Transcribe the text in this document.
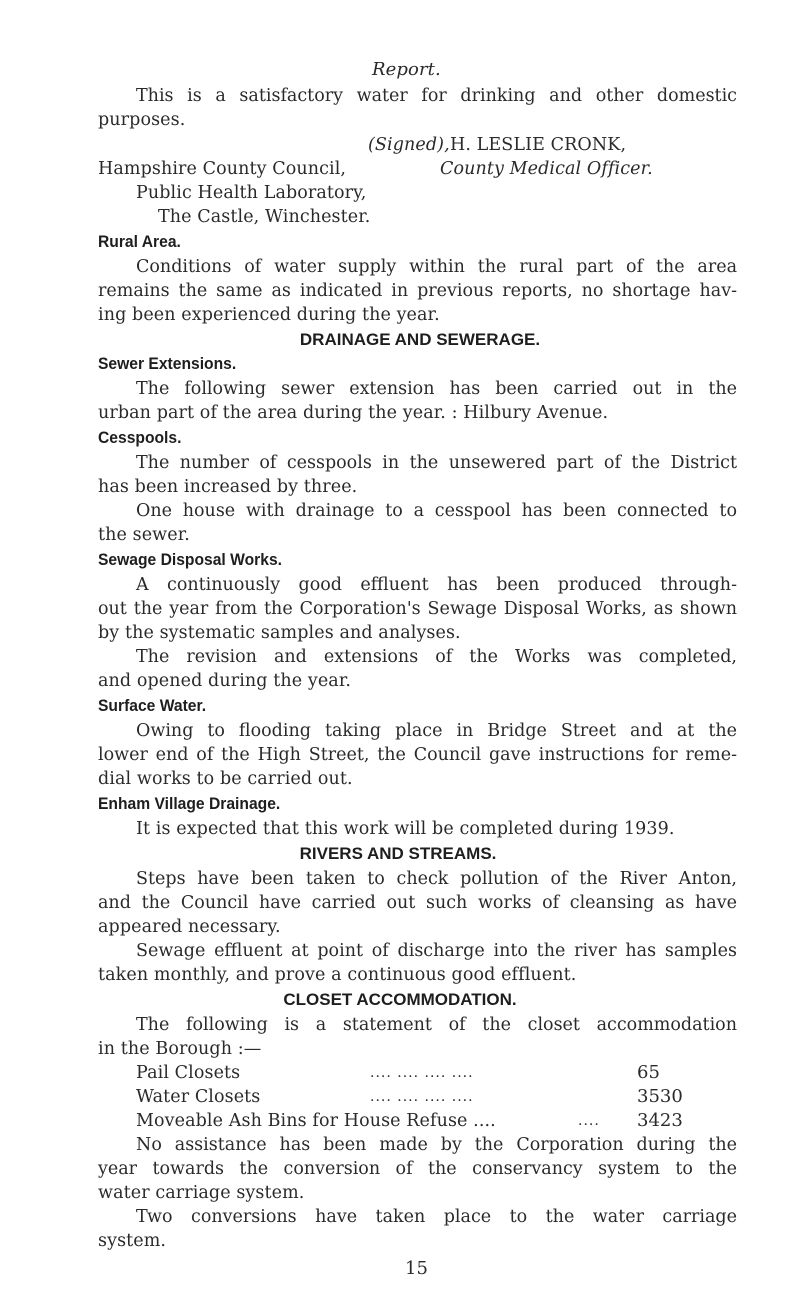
Report.
This is a satisfactory water for drinking and other domestic
purposes.
(Signed), H. LESLIE CRONK,
Hampshire County Council,	County Medical Officer.
Public Health Laboratory,
The Castle, Winchester.
Rural Area.
Conditions of water supply within the rural part of the area
remains the same as indicated in previous reports, no shortage hav-
ing been experienced during the year.
DRAINAGE AND SEWERAGE.
Sewer Extensions.
The following sewer extension has been carried out in the
urban part of the area during the year. : Hilbury Avenue.
Cesspools.
The number of cesspools in the unsewered part of the District
has been increased by three.
One house with drainage to a cesspool has been connected to
the sewer.
Sewage Disposal Works.
A continuously good effluent has been produced through-
out the year from the Corporation's Sewage Disposal Works, as shown
by the systematic samples and analyses.
The revision and extensions of the Works was completed,
and opened during the year.
Surface Water.
Owing to flooding taking place in Bridge Street and at the
lower end of the High Street, the Council gave instructions for reme-
dial works to be carried out.
Enham Village Drainage.
It is expected that this work will be completed during 1939.
RIVERS AND STREAMS.
Steps have been taken to check pollution of the River Anton,
and the Council have carried out such works of cleansing as have
appeared necessary.
Sewage effluent at point of discharge into the river has samples
taken monthly, and prove a continuous good effluent.
CLOSET ACCOMMODATION.
The following is a statement of the closet accommodation
in the Borough :—
Pail Closets	.... .... .... ....	65
Water Closets	.... .... .... ....	3530
Moveable Ash Bins for House Refuse ....	.... 3423
No assistance has been made by the Corporation during the
year towards the conversion of the conservancy system to the
water carriage system.
Two conversions have taken place to the water carriage
system.
15
